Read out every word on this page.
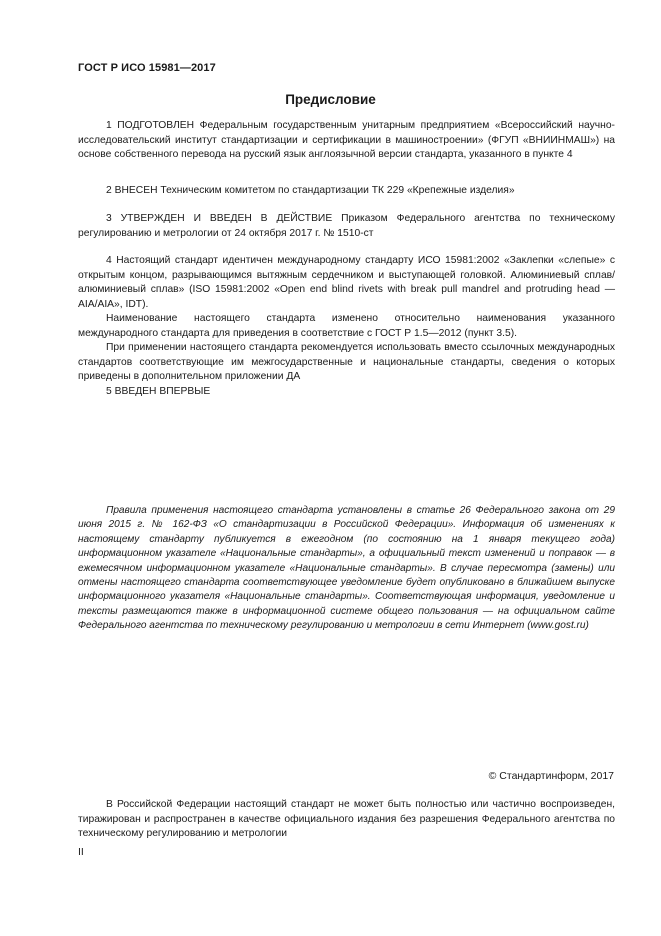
ГОСТ Р ИСО 15981—2017
Предисловие

1 ПОДГОТОВЛЕН Федеральным государственным унитарным предприятием «Всероссийский научно-исследовательский институт стандартизации и сертификации в машиностроении» (ФГУП «ВНИИНМАШ») на основе собственного перевода на русский язык англоязычной версии стандарта, указанного в пункте 4

2 ВНЕСЕН Техническим комитетом по стандартизации ТК 229 «Крепежные изделия»

3 УТВЕРЖДЕН И ВВЕДЕН В ДЕЙСТВИЕ Приказом Федерального агентства по техническому регулированию и метрологии от 24 октября 2017 г. № 1510-ст

4 Настоящий стандарт идентичен международному стандарту ИСО 15981:2002 «Заклепки «слепые» с открытым концом, разрывающимся вытяжным сердечником и выступающей головкой. Алюминиевый сплав/алюминиевый сплав» (ISO 15981:2002 «Open end blind rivets with break pull mandrel and protruding head — AIA/AIA», IDT).

Наименование настоящего стандарта изменено относительно наименования указанного международного стандарта для приведения в соответствие с ГОСТ Р 1.5—2012 (пункт 3.5).

При применении настоящего стандарта рекомендуется использовать вместо ссылочных международных стандартов соответствующие им межгосударственные и национальные стандарты, сведения о которых приведены в дополнительном приложении ДА

5 ВВЕДЕН ВПЕРВЫЕ

Правила применения настоящего стандарта установлены в статье 26 Федерального закона от 29 июня 2015 г. № 162-ФЗ «О стандартизации в Российской Федерации». Информация об изменениях к настоящему стандарту публикуется в ежегодном (по состоянию на 1 января текущего года) информационном указателе «Национальные стандарты», а официальный текст изменений и поправок — в ежемесячном информационном указателе «Национальные стандарты». В случае пересмотра (замены) или отмены настоящего стандарта соответствующее уведомление будет опубликовано в ближайшем выпуске информационного указателя «Национальные стандарты». Соответствующая информация, уведомление и тексты размещаются также в информационной системе общего пользования — на официальном сайте Федерального агентства по техническому регулированию и метрологии в сети Интернет (www.gost.ru)

© Стандартинформ, 2017

В Российской Федерации настоящий стандарт не может быть полностью или частично воспроизведен, тиражирован и распространен в качестве официального издания без разрешения Федерального агентства по техническому регулированию и метрологии

II
